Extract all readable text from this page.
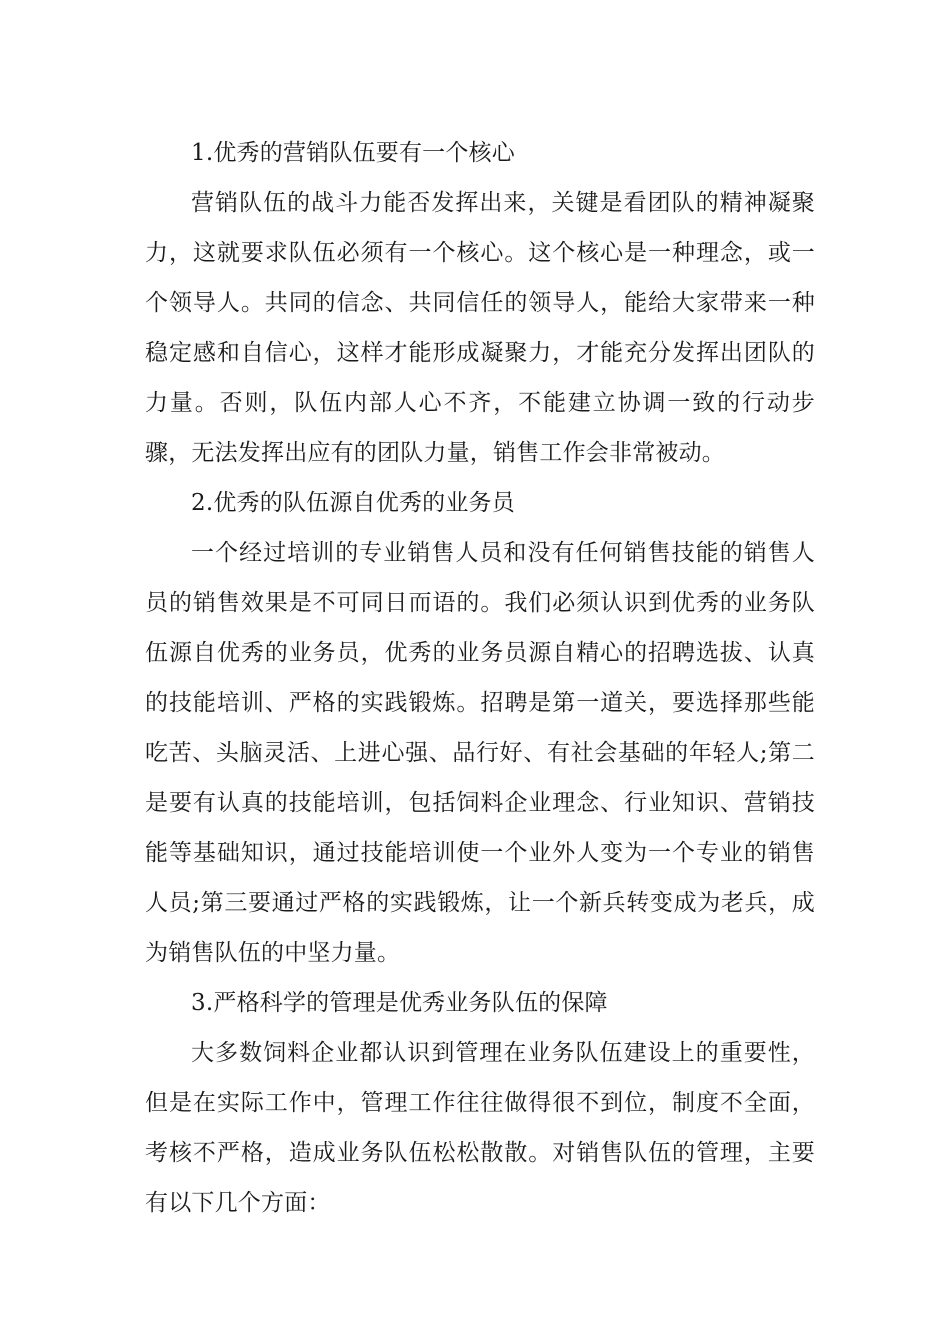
1.优秀的营销队伍要有一个核心

营销队伍的战斗力能否发挥出来，关键是看团队的精神凝聚力，这就要求队伍必须有一个核心。这个核心是一种理念，或一个领导人。共同的信念、共同信任的领导人，能给大家带来一种稳定感和自信心，这样才能形成凝聚力，才能充分发挥出团队的力量。否则，队伍内部人心不齐，不能建立协调一致的行动步骤，无法发挥出应有的团队力量，销售工作会非常被动。

2.优秀的队伍源自优秀的业务员

一个经过培训的专业销售人员和没有任何销售技能的销售人员的销售效果是不可同日而语的。我们必须认识到优秀的业务队伍源自优秀的业务员，优秀的业务员源自精心的招聘选拔、认真的技能培训、严格的实践锻炼。招聘是第一道关，要选择那些能吃苦、头脑灵活、上进心强、品行好、有社会基础的年轻人;第二是要有认真的技能培训，包括饲料企业理念、行业知识、营销技能等基础知识，通过技能培训使一个业外人变为一个专业的销售人员;第三要通过严格的实践锻炼，让一个新兵转变成为老兵，成为销售队伍的中坚力量。

3.严格科学的管理是优秀业务队伍的保障

大多数饲料企业都认识到管理在业务队伍建设上的重要性，但是在实际工作中，管理工作往往做得很不到位，制度不全面，考核不严格，造成业务队伍松松散散。对销售队伍的管理，主要有以下几个方面：
